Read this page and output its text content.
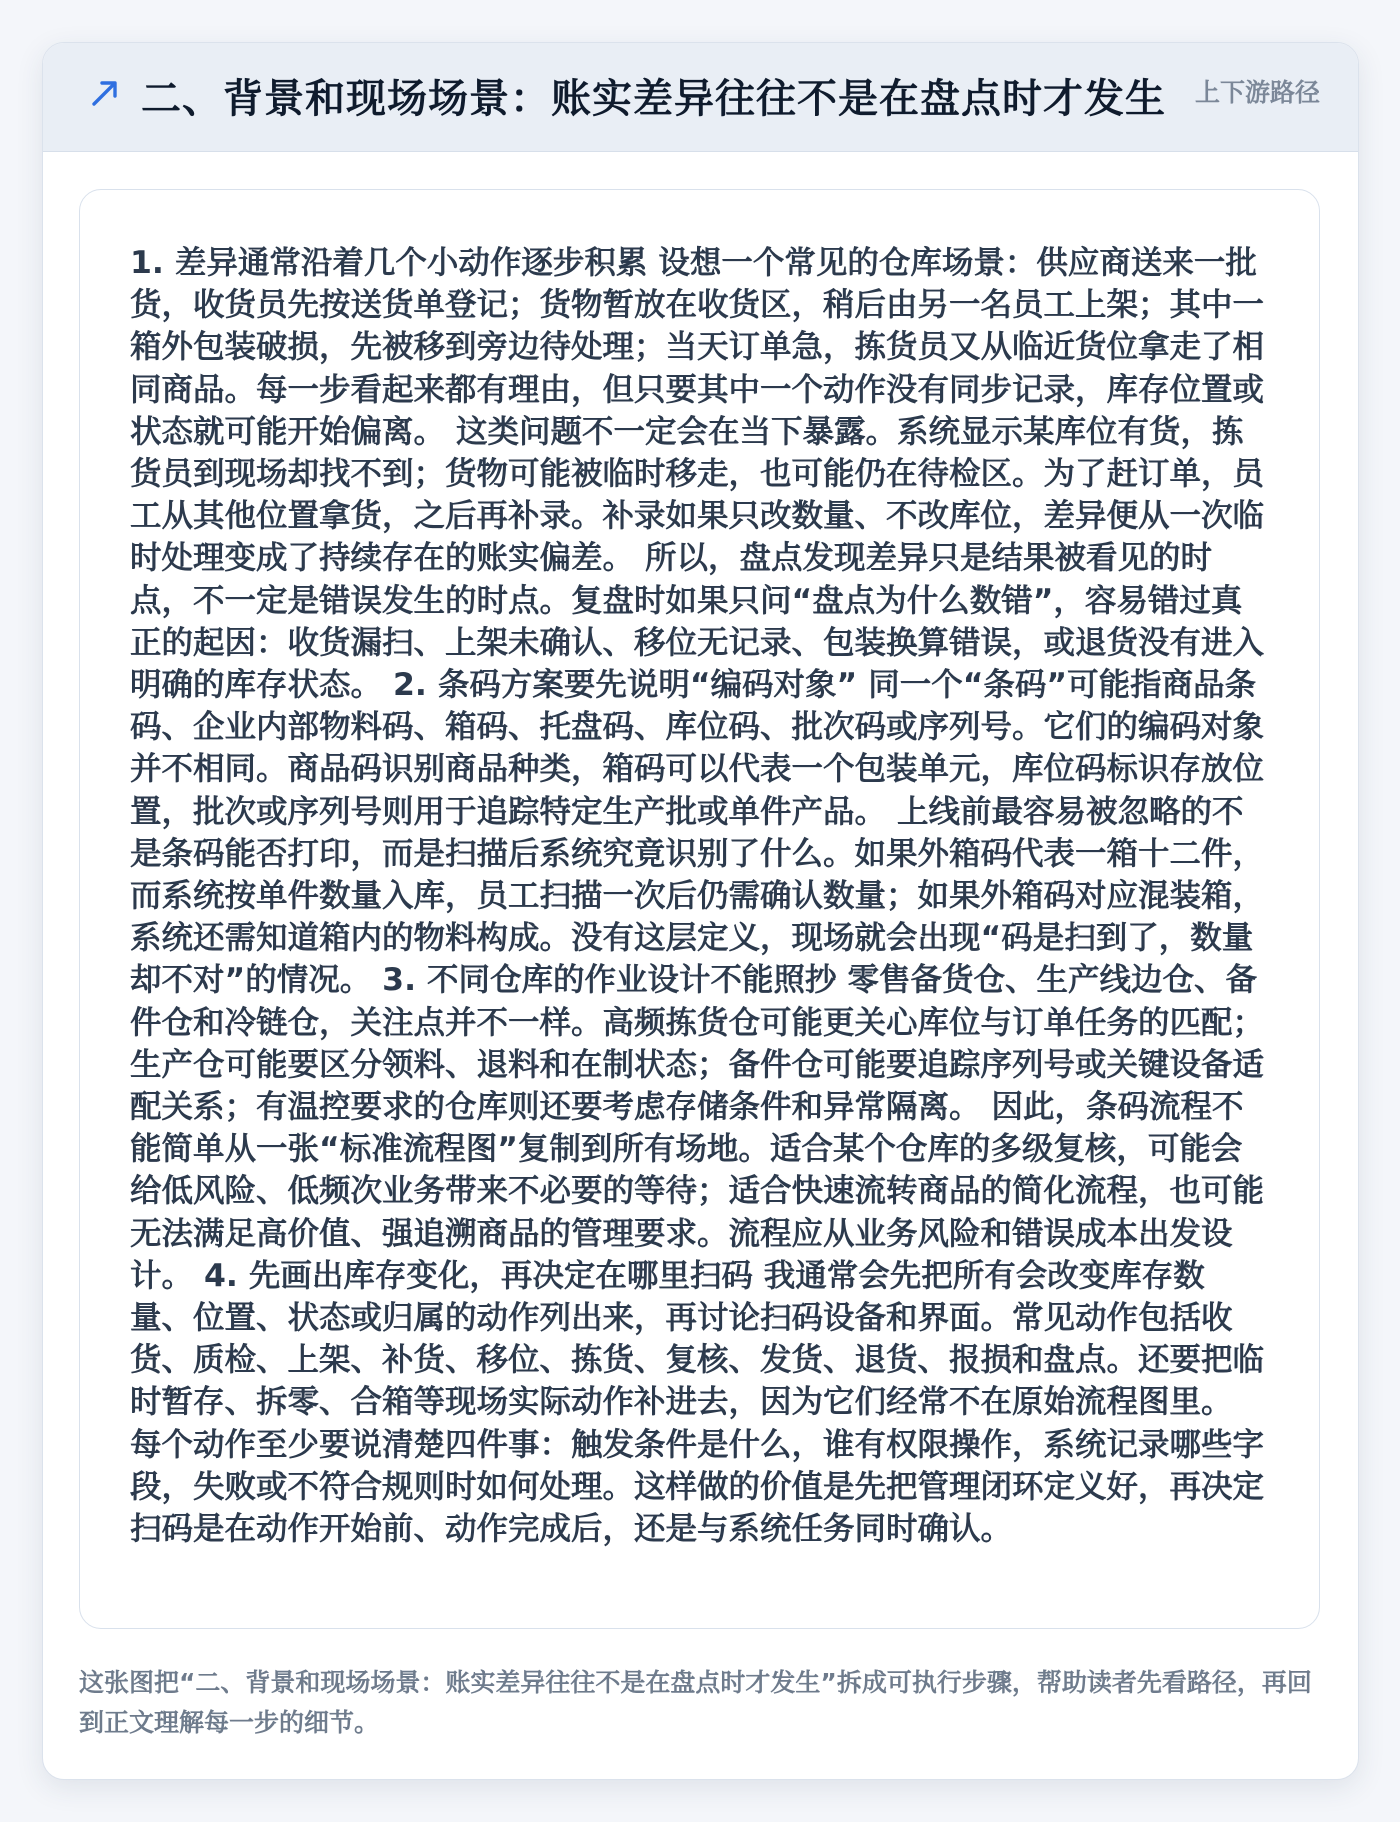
二、背景和现场场景：账实差异往往不是在盘点时才发生 上下游路径

1. 差异通常沿着几个小动作逐步积累 设想一个常见的仓库场景：供应商送来一批货，收货员先按送货单登记；货物暂放在收货区，稍后由另一名员工上架；其中一箱外包装破损，先被移到旁边待处理；当天订单急，拣货员又从临近货位拿走了相同商品。每一步看起来都有理由，但只要其中一个动作没有同步记录，库存位置或状态就可能开始偏离。 这类问题不一定会在当下暴露。系统显示某库位有货，拣货员到现场却找不到；货物可能被临时移走，也可能仍在待检区。为了赶订单，员工从其他位置拿货，之后再补录。补录如果只改数量、不改库位，差异便从一次临时处理变成了持续存在的账实偏差。 所以，盘点发现差异只是结果被看见的时点，不一定是错误发生的时点。复盘时如果只问“盘点为什么数错”，容易错过真正的起因：收货漏扫、上架未确认、移位无记录、包装换算错误，或退货没有进入明确的库存状态。 2. 条码方案要先说明“编码对象” 同一个“条码”可能指商品条码、企业内部物料码、箱码、托盘码、库位码、批次码或序列号。它们的编码对象并不相同。商品码识别商品种类，箱码可以代表一个包装单元，库位码标识存放位置，批次或序列号则用于追踪特定生产批或单件产品。 上线前最容易被忽略的不是条码能否打印，而是扫描后系统究竟识别了什么。如果外箱码代表一箱十二件，而系统按单件数量入库，员工扫描一次后仍需确认数量；如果外箱码对应混装箱，系统还需知道箱内的物料构成。没有这层定义，现场就会出现“码是扫到了，数量却不对”的情况。 3. 不同仓库的作业设计不能照抄 零售备货仓、生产线边仓、备件仓和冷链仓，关注点并不一样。高频拣货仓可能更关心库位与订单任务的匹配；生产仓可能要区分领料、退料和在制状态；备件仓可能要追踪序列号或关键设备适配关系；有温控要求的仓库则还要考虑存储条件和异常隔离。 因此，条码流程不能简单从一张“标准流程图”复制到所有场地。适合某个仓库的多级复核，可能会给低风险、低频次业务带来不必要的等待；适合快速流转商品的简化流程，也可能无法满足高价值、强追溯商品的管理要求。流程应从业务风险和错误成本出发设计。 4. 先画出库存变化，再决定在哪里扫码 我通常会先把所有会改变库存数量、位置、状态或归属的动作列出来，再讨论扫码设备和界面。常见动作包括收货、质检、上架、补货、移位、拣货、复核、发货、退货、报损和盘点。还要把临时暂存、拆零、合箱等现场实际动作补进去，因为它们经常不在原始流程图里。 每个动作至少要说清楚四件事：触发条件是什么，谁有权限操作，系统记录哪些字段，失败或不符合规则时如何处理。这样做的价值是先把管理闭环定义好，再决定扫码是在动作开始前、动作完成后，还是与系统任务同时确认。

这张图把“二、背景和现场场景：账实差异往往不是在盘点时才发生”拆成可执行步骤，帮助读者先看路径，再回到正文理解每一步的细节。
